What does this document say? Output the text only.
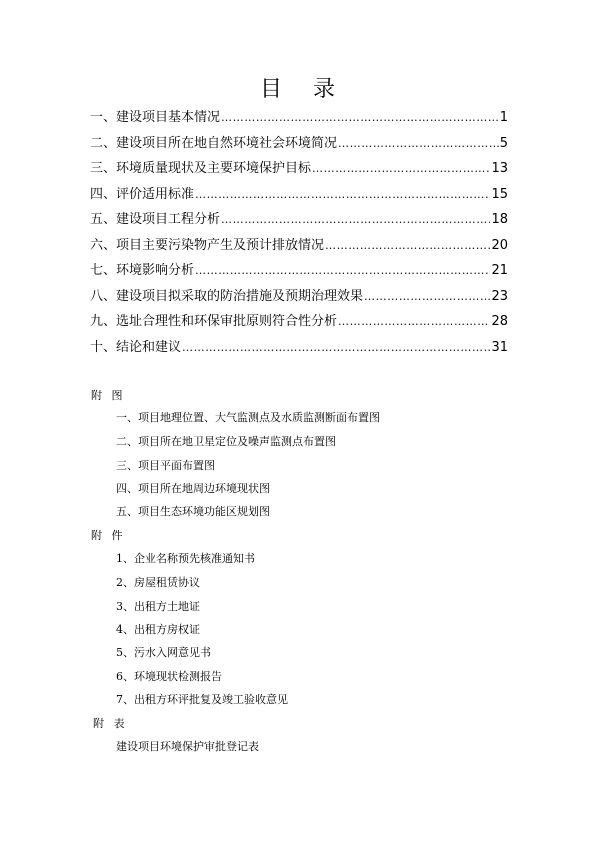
目 录
一、建设项目基本情况 ……………………………………………………………………………………………………………………	1
二、建设项目所在地自然环境社会环境简况 ……………………………………………………………………………………………………………………	5
三、环境质量现状及主要环境保护目标 ……………………………………………………………………………………………………………………	13
四、评价适用标准 ……………………………………………………………………………………………………………………	15
五、建设项目工程分析 ……………………………………………………………………………………………………………………	18
六、项目主要污染物产生及预计排放情况 ……………………………………………………………………………………………………………………	20
七、环境影响分析 ……………………………………………………………………………………………………………………	21
八、建设项目拟采取的防治措施及预期治理效果 ……………………………………………………………………………………………………………………	23
九、选址合理性和环保审批原则符合性分析 ……………………………………………………………………………………………………………………	28
十、结论和建议 ……………………………………………………………………………………………………………………	31
附 图
一、项目地理位置、大气监测点及水质监测断面布置图
二、项目所在地卫星定位及噪声监测点布置图
三、项目平面布置图
四、项目所在地周边环境现状图
五、项目生态环境功能区规划图
附 件
1、企业名称预先核准通知书
2、房屋租赁协议
3、出租方土地证
4、出租方房权证
5、污水入网意见书
6、环境现状检测报告
7、出租方环评批复及竣工验收意见
附 表
建设项目环境保护审批登记表
